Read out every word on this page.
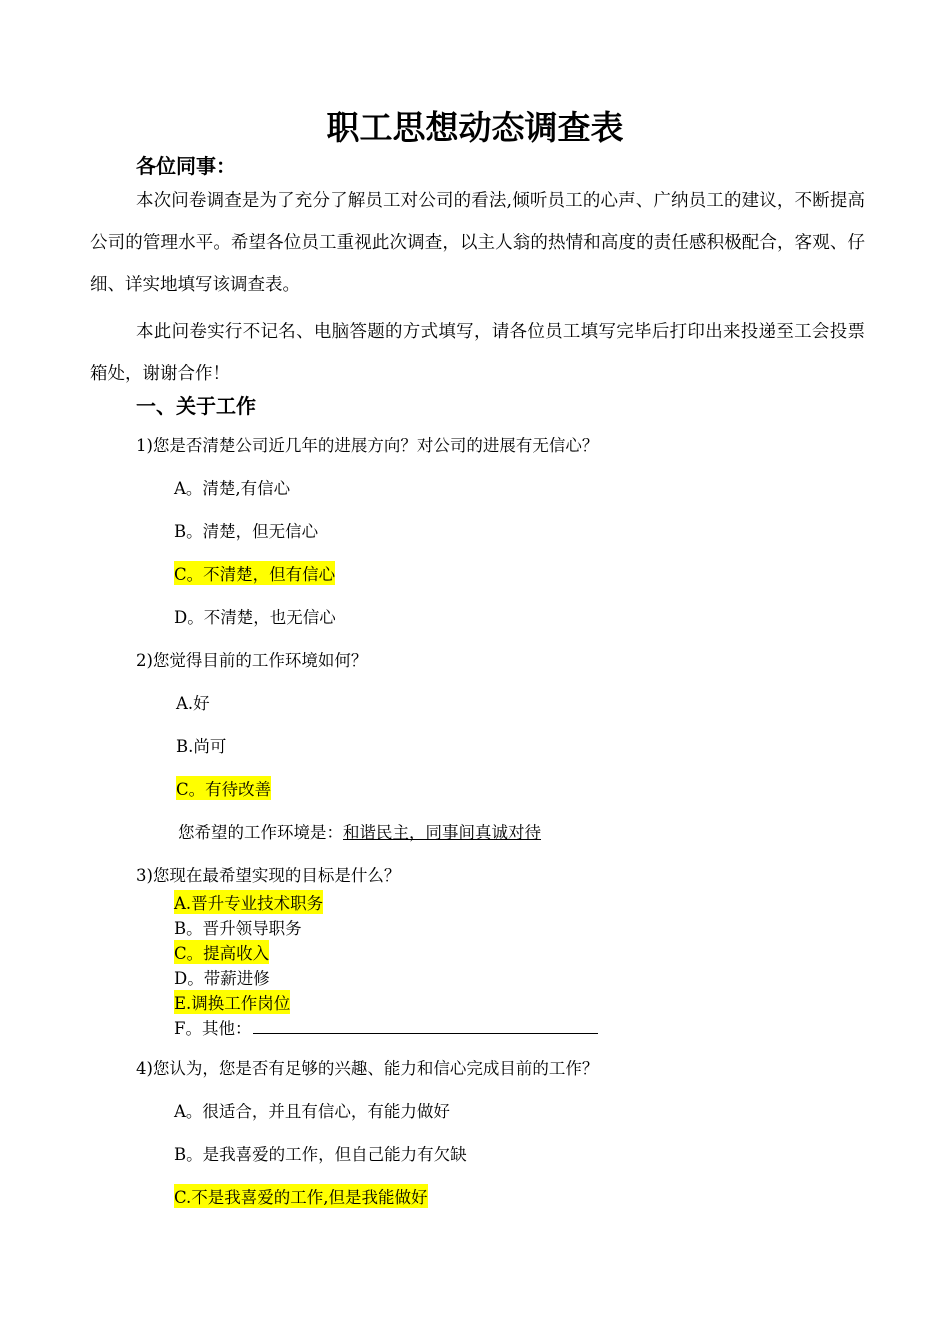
职工思想动态调查表
各位同事：
本次问卷调查是为了充分了解员工对公司的看法,倾听员工的心声、广纳员工的建议，不断提高公司的管理水平。希望各位员工重视此次调查，以主人翁的热情和高度的责任感积极配合，客观、仔细、详实地填写该调查表。
本此问卷实行不记名、电脑答题的方式填写，请各位员工填写完毕后打印出来投递至工会投票箱处，谢谢合作！
一、关于工作
1)您是否清楚公司近几年的进展方向？对公司的进展有无信心？
A。清楚,有信心
B。清楚，但无信心
C。不清楚，但有信心
D。不清楚，也无信心
2)您觉得目前的工作环境如何？
A.好
B.尚可
C。有待改善
您希望的工作环境是：和谐民主，同事间真诚对待
3)您现在最希望实现的目标是什么？
A.晋升专业技术职务
B。晋升领导职务
C。提高收入
D。带薪进修
E.调换工作岗位
F。其他：
4)您认为，您是否有足够的兴趣、能力和信心完成目前的工作？
A。很适合，并且有信心，有能力做好
B。是我喜爱的工作，但自己能力有欠缺
C.不是我喜爱的工作,但是我能做好
